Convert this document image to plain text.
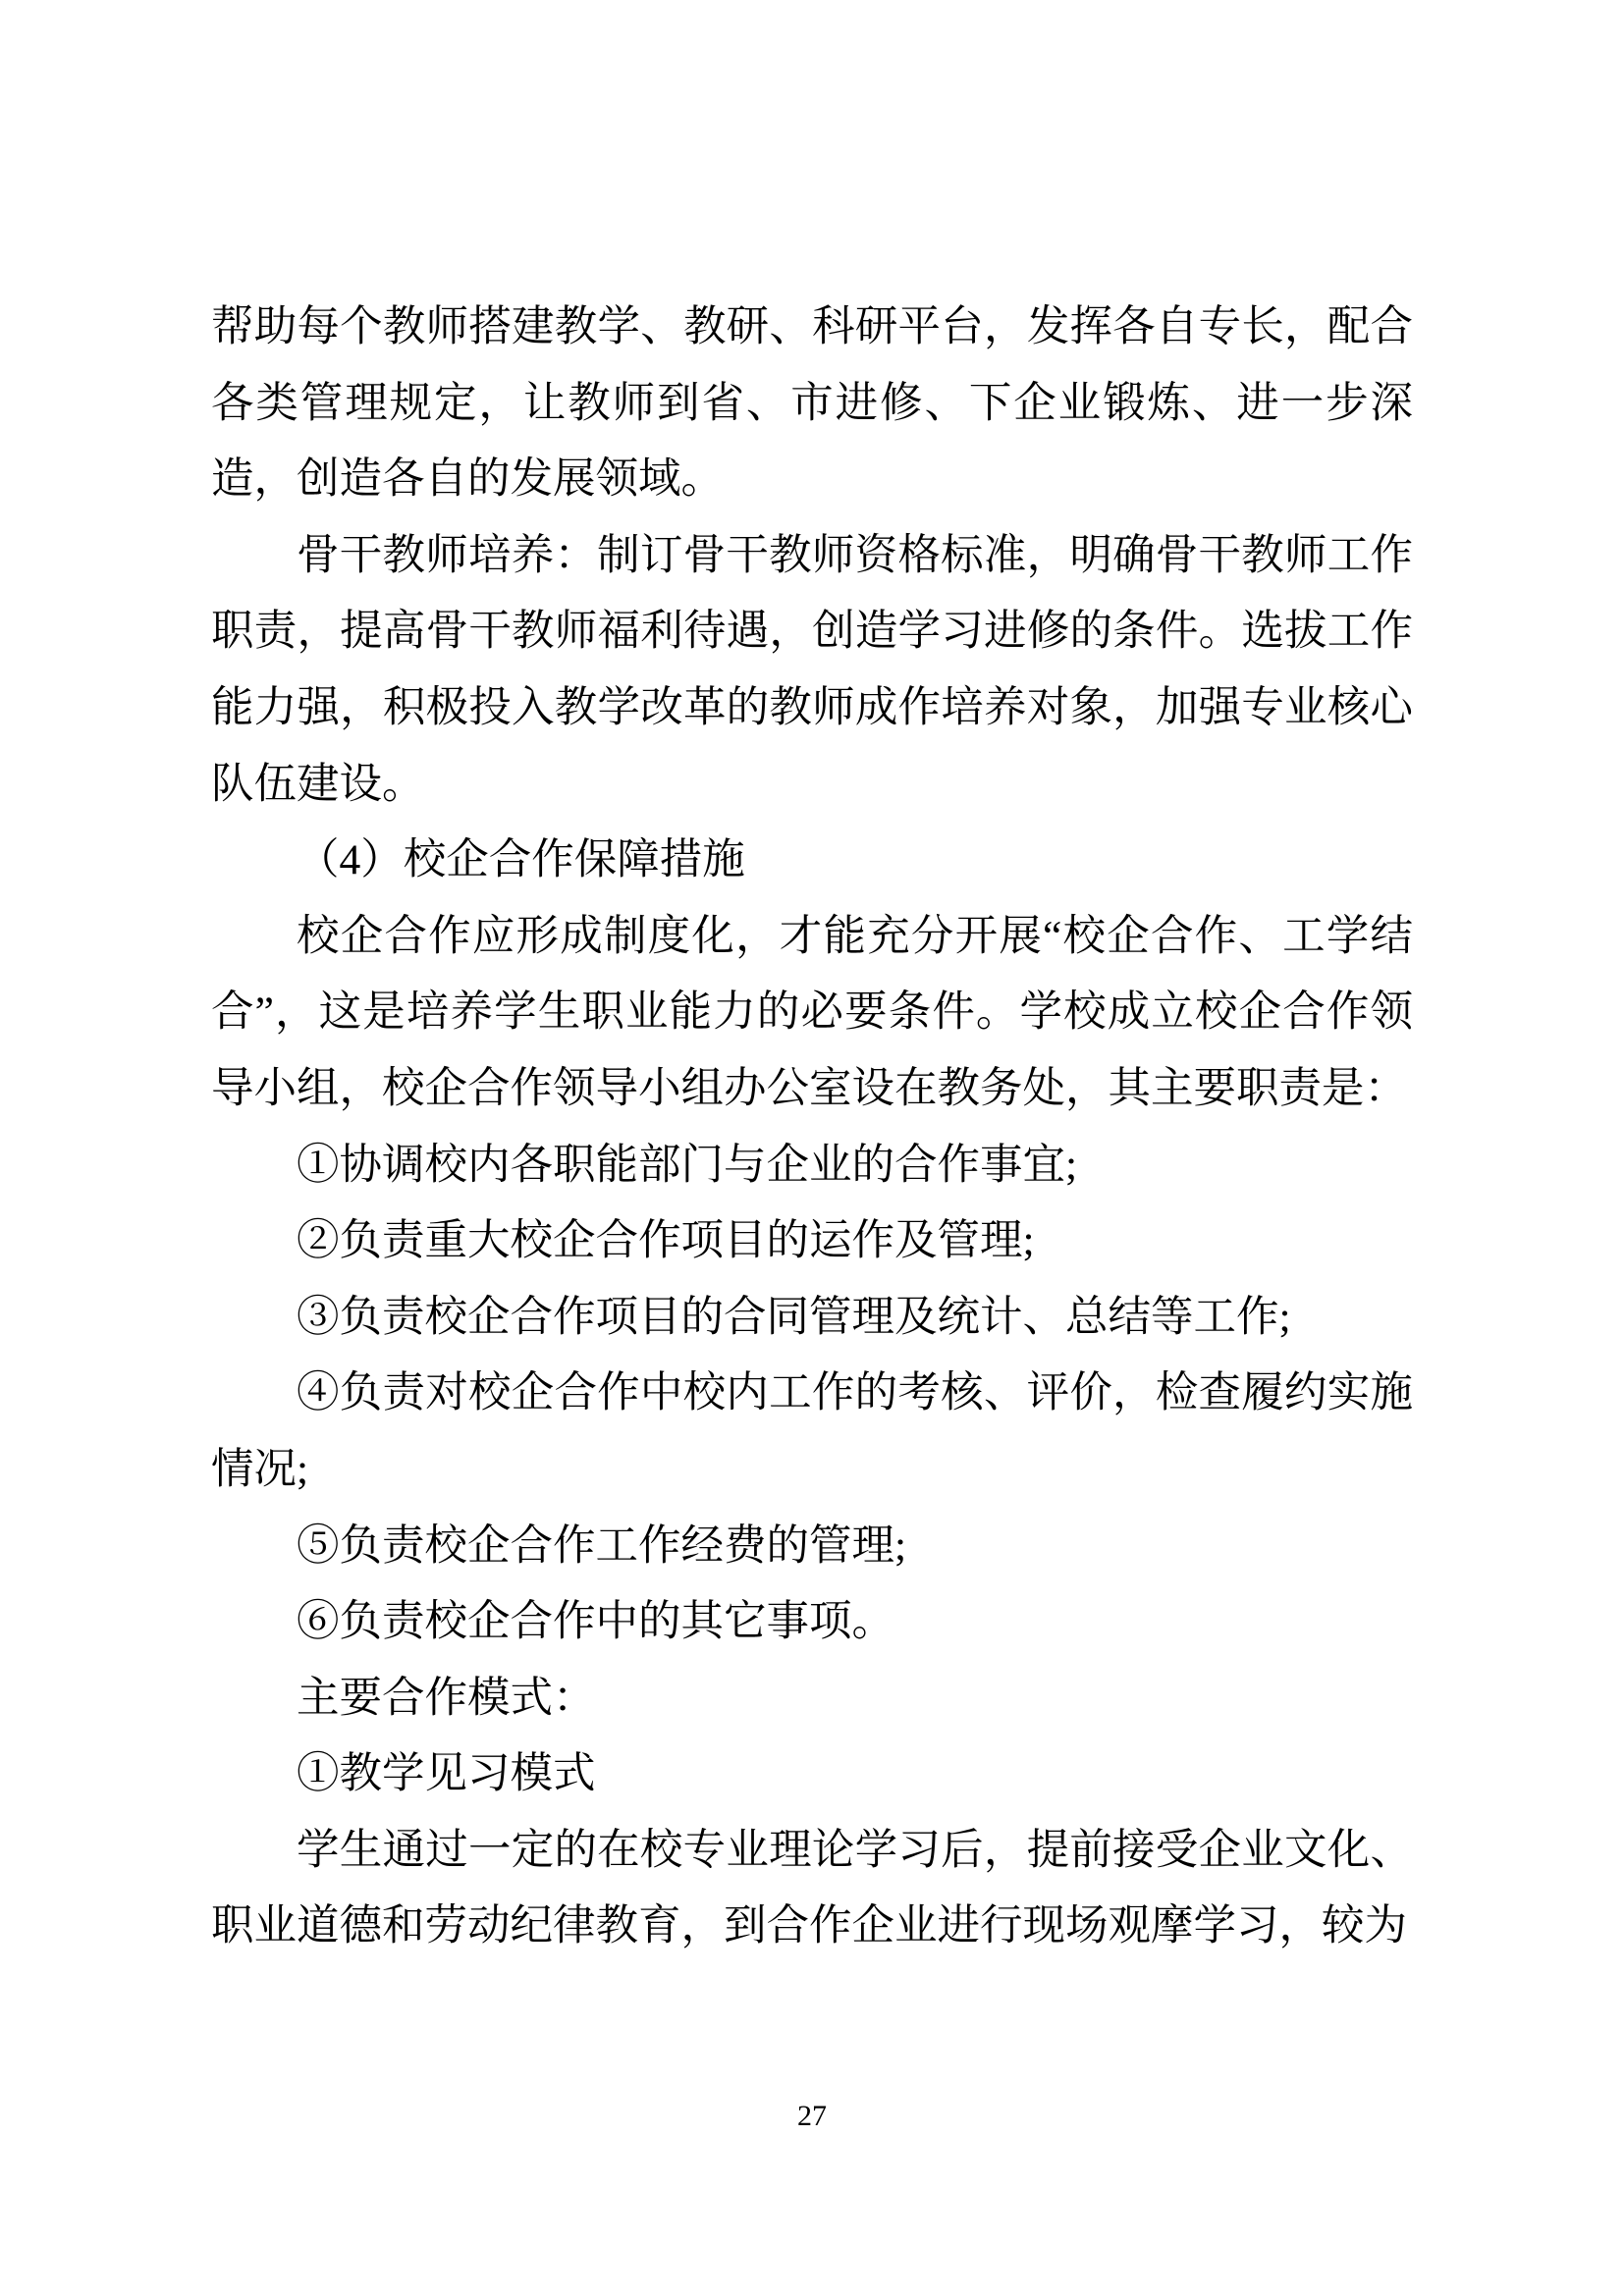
帮助每个教师搭建教学、教研、科研平台，发挥各自专长，配合各类管理规定，让教师到省、市进修、下企业锻炼、进一步深造，创造各自的发展领域。

骨干教师培养：制订骨干教师资格标准，明确骨干教师工作职责，提高骨干教师福利待遇，创造学习进修的条件。选拔工作能力强，积极投入教学改革的教师成作培养对象，加强专业核心队伍建设。

（4）校企合作保障措施

校企合作应形成制度化，才能充分开展“校企合作、工学结合”，这是培养学生职业能力的必要条件。学校成立校企合作领导小组，校企合作领导小组办公室设在教务处，其主要职责是：

①协调校内各职能部门与企业的合作事宜;

②负责重大校企合作项目的运作及管理;

③负责校企合作项目的合同管理及统计、总结等工作;

④负责对校企合作中校内工作的考核、评价，检查履约实施情况;

⑤负责校企合作工作经费的管理;

⑥负责校企合作中的其它事项。

主要合作模式：

①教学见习模式

学生通过一定的在校专业理论学习后，提前接受企业文化、职业道德和劳动纪律教育，到合作企业进行现场观摩学习，较为

27
